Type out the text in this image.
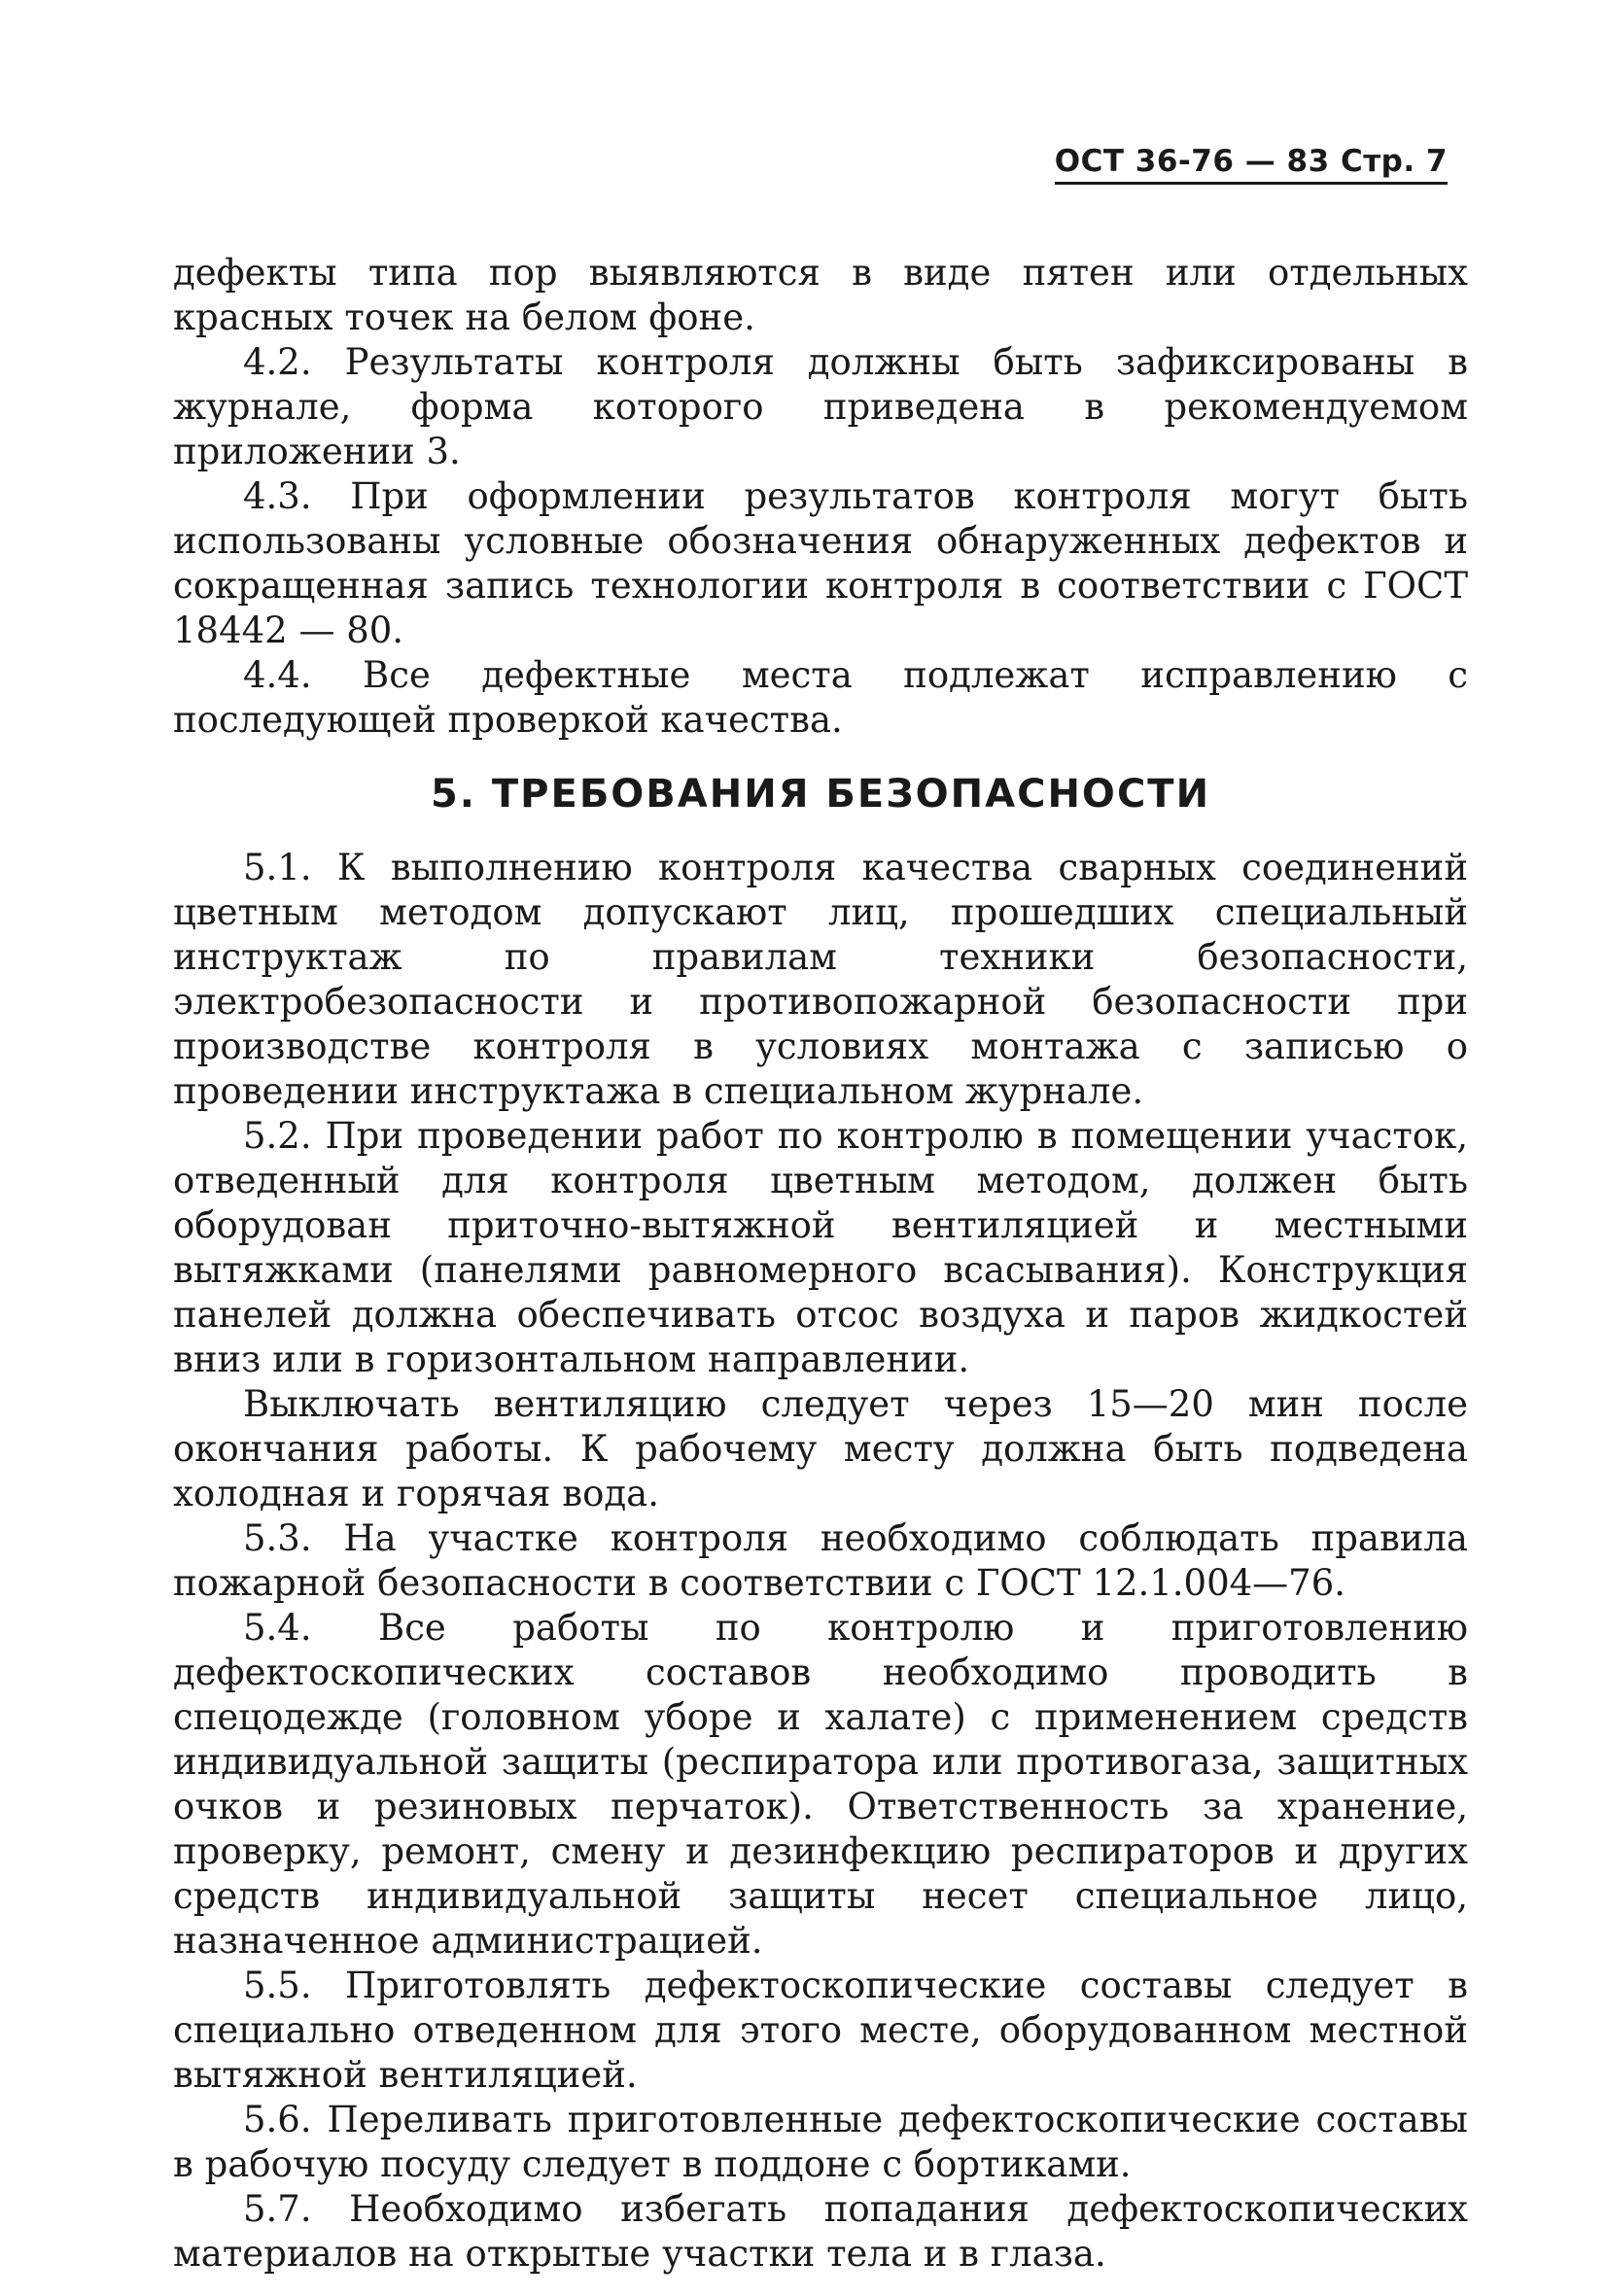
ОСТ 36-76 — 83 Стр. 7

дефекты типа пор выявляются в виде пятен или отдельных красных точек на белом фоне.

4.2. Результаты контроля должны быть зафиксированы в журнале, форма которого приведена в рекомендуемом приложении 3.

4.3. При оформлении результатов контроля могут быть использованы условные обозначения обнаруженных дефектов и сокращенная запись технологии контроля в соответствии с ГОСТ 18442 — 80.

4.4. Все дефектные места подлежат исправлению с последующей проверкой качества.

5. ТРЕБОВАНИЯ БЕЗОПАСНОСТИ

5.1. К выполнению контроля качества сварных соединений цветным методом допускают лиц, прошедших специальный инструктаж по правилам техники безопасности, электробезопасности и противопожарной безопасности при производстве контроля в условиях монтажа с записью о проведении инструктажа в специальном журнале.

5.2. При проведении работ по контролю в помещении участок, отведенный для контроля цветным методом, должен быть оборудован приточно-вытяжной вентиляцией и местными вытяжками (панелями равномерного всасывания). Конструкция панелей должна обеспечивать отсос воздуха и паров жидкостей вниз или в горизонтальном направлении.

Выключать вентиляцию следует через 15—20 мин после окончания работы. К рабочему месту должна быть подведена холодная и горячая вода.

5.3. На участке контроля необходимо соблюдать правила пожарной безопасности в соответствии с ГОСТ 12.1.004—76.

5.4. Все работы по контролю и приготовлению дефектоскопических составов необходимо проводить в спецодежде (головном уборе и халате) с применением средств индивидуальной защиты (респиратора или противогаза, защитных очков и резиновых перчаток). Ответственность за хранение, проверку, ремонт, смену и дезинфекцию респираторов и других средств индивидуальной защиты несет специальное лицо, назначенное администрацией.

5.5. Приготовлять дефектоскопические составы следует в специально отведенном для этого месте, оборудованном местной вытяжной вентиляцией.

5.6. Переливать приготовленные дефектоскопические составы в рабочую посуду следует в поддоне с бортиками.

5.7. Необходимо избегать попадания дефектоскопических материалов на открытые участки тела и в глаза.
